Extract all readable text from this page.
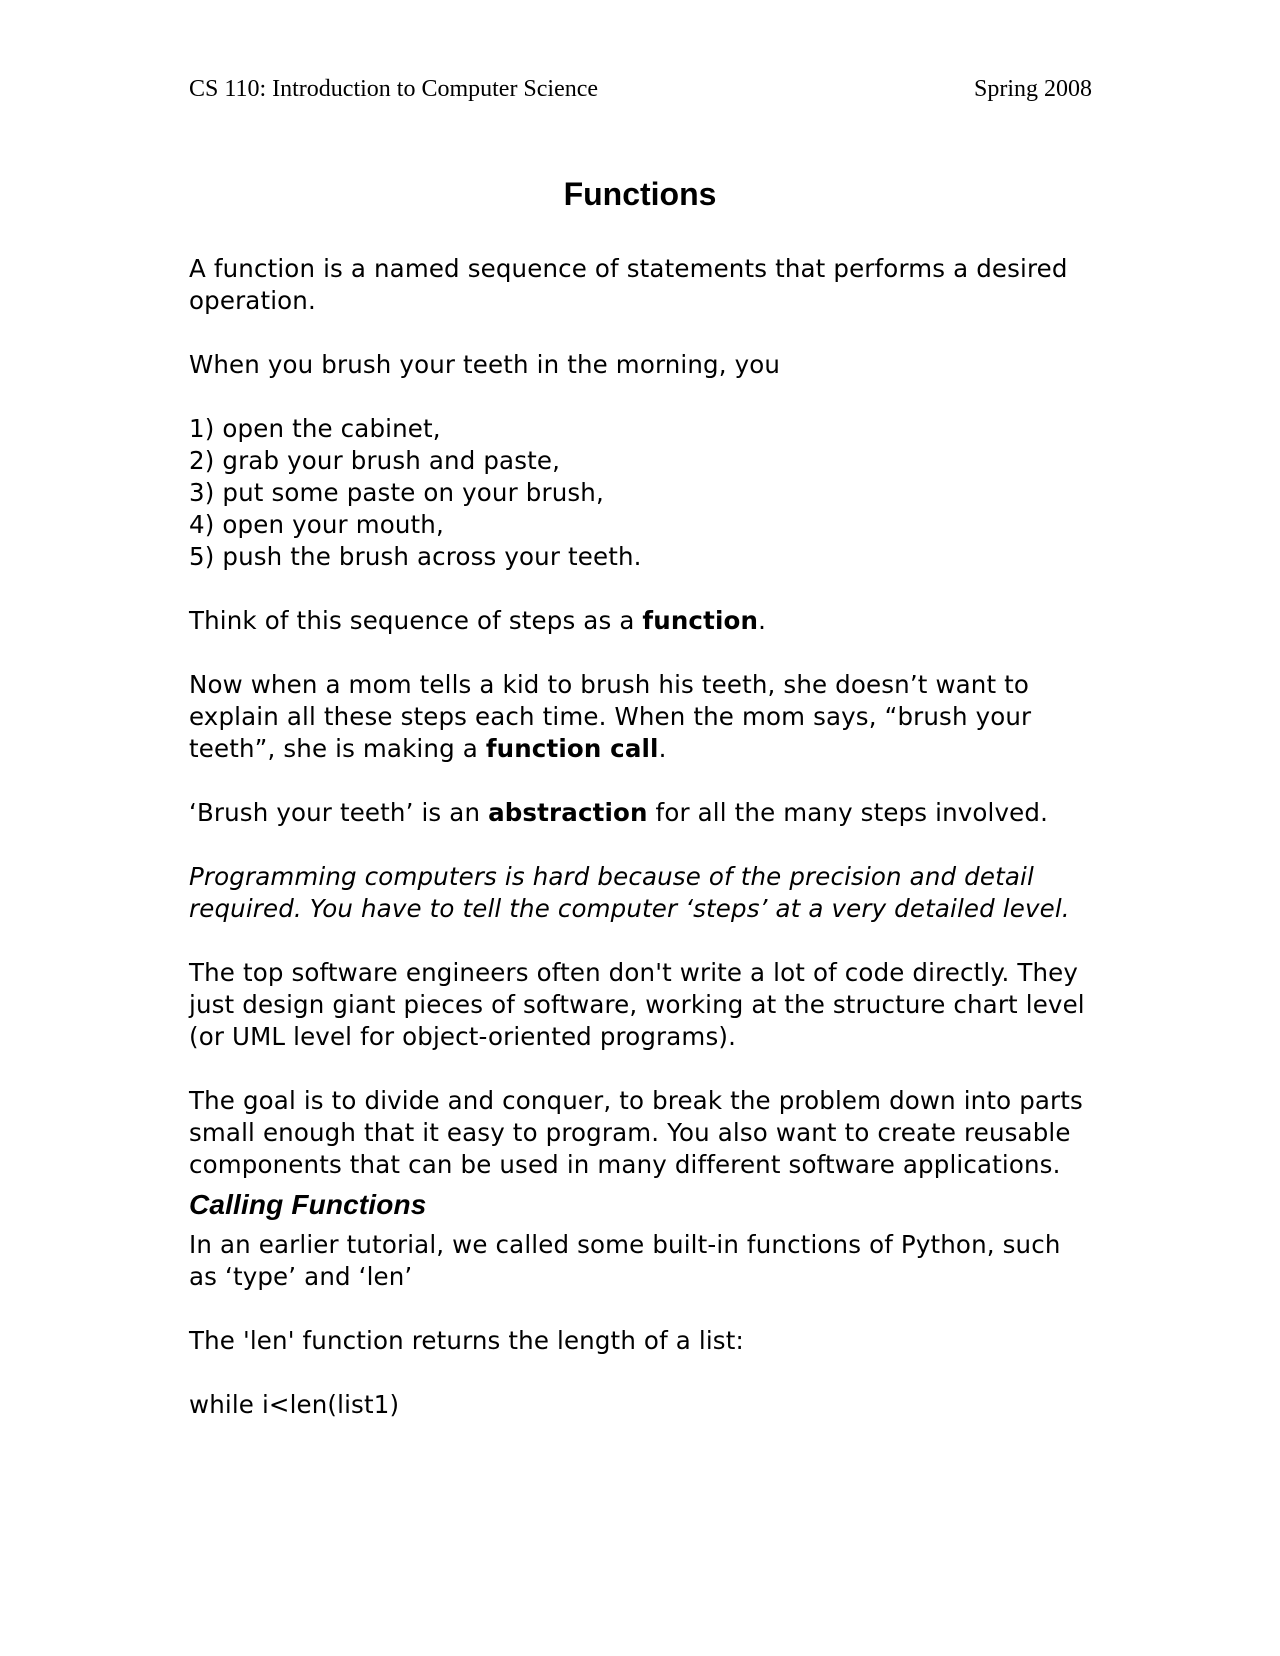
CS 110: Introduction to Computer Science	Spring 2008
Functions

A function is a named sequence of statements that performs a desired operation.

When you brush your teeth in the morning, you

1) open the cabinet,
2) grab your brush and paste,
3) put some paste on your brush,
4) open your mouth,
5) push the brush across your teeth.

Think of this sequence of steps as a function.

Now when a mom tells a kid to brush his teeth, she doesn’t want to explain all these steps each time. When the mom says, “brush your teeth”, she is making a function call.

‘Brush your teeth’ is an abstraction for all the many steps involved.

Programming computers is hard because of the precision and detail required. You have to tell the computer ‘steps’ at a very detailed level.

The top software engineers often don't write a lot of code directly. They just design giant pieces of software, working at the structure chart level (or UML level for object-oriented programs).

The goal is to divide and conquer, to break the problem down into parts small enough that it easy to program. You also want to create reusable components that can be used in many different software applications.

Calling Functions

In an earlier tutorial, we called some built-in functions of Python, such as ‘type’ and ‘len’

The 'len' function returns the length of a list:

while i<len(list1)
